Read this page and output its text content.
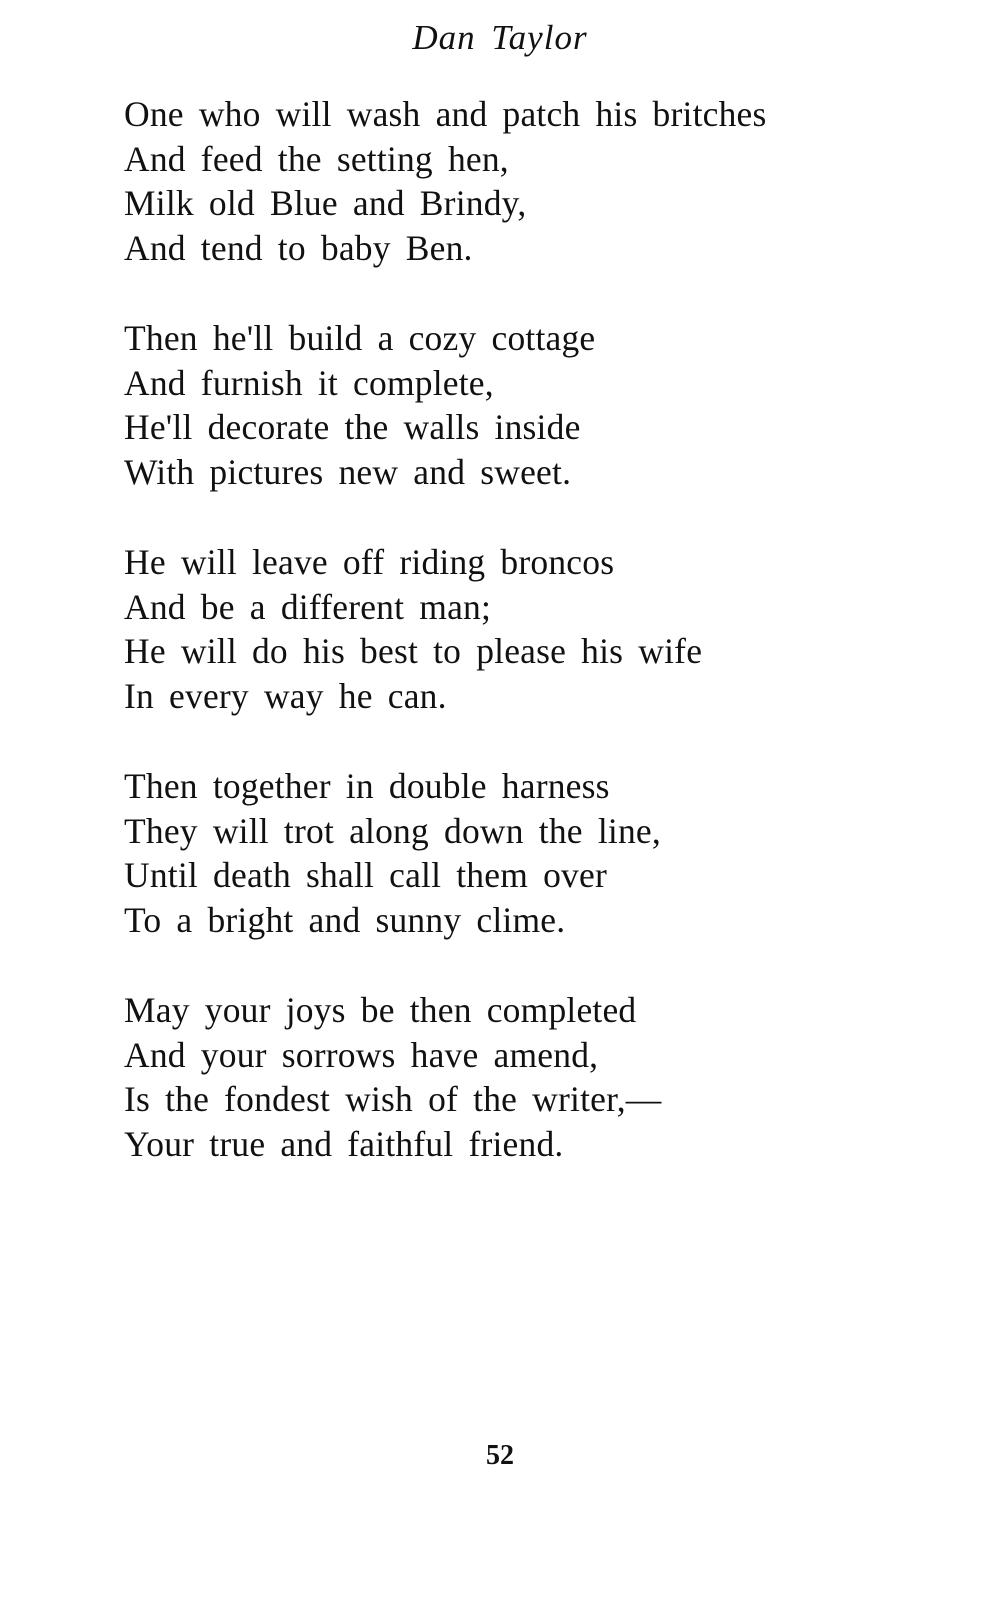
Dan Taylor
One who will wash and patch his britches
And feed the setting hen,
Milk old Blue and Brindy,
And tend to baby Ben.
Then he'll build a cozy cottage
And furnish it complete,
He'll decorate the walls inside
With pictures new and sweet.
He will leave off riding broncos
And be a different man;
He will do his best to please his wife
In every way he can.
Then together in double harness
They will trot along down the line,
Until death shall call them over
To a bright and sunny clime.
May your joys be then completed
And your sorrows have amend,
Is the fondest wish of the writer,—
Your true and faithful friend.
52
